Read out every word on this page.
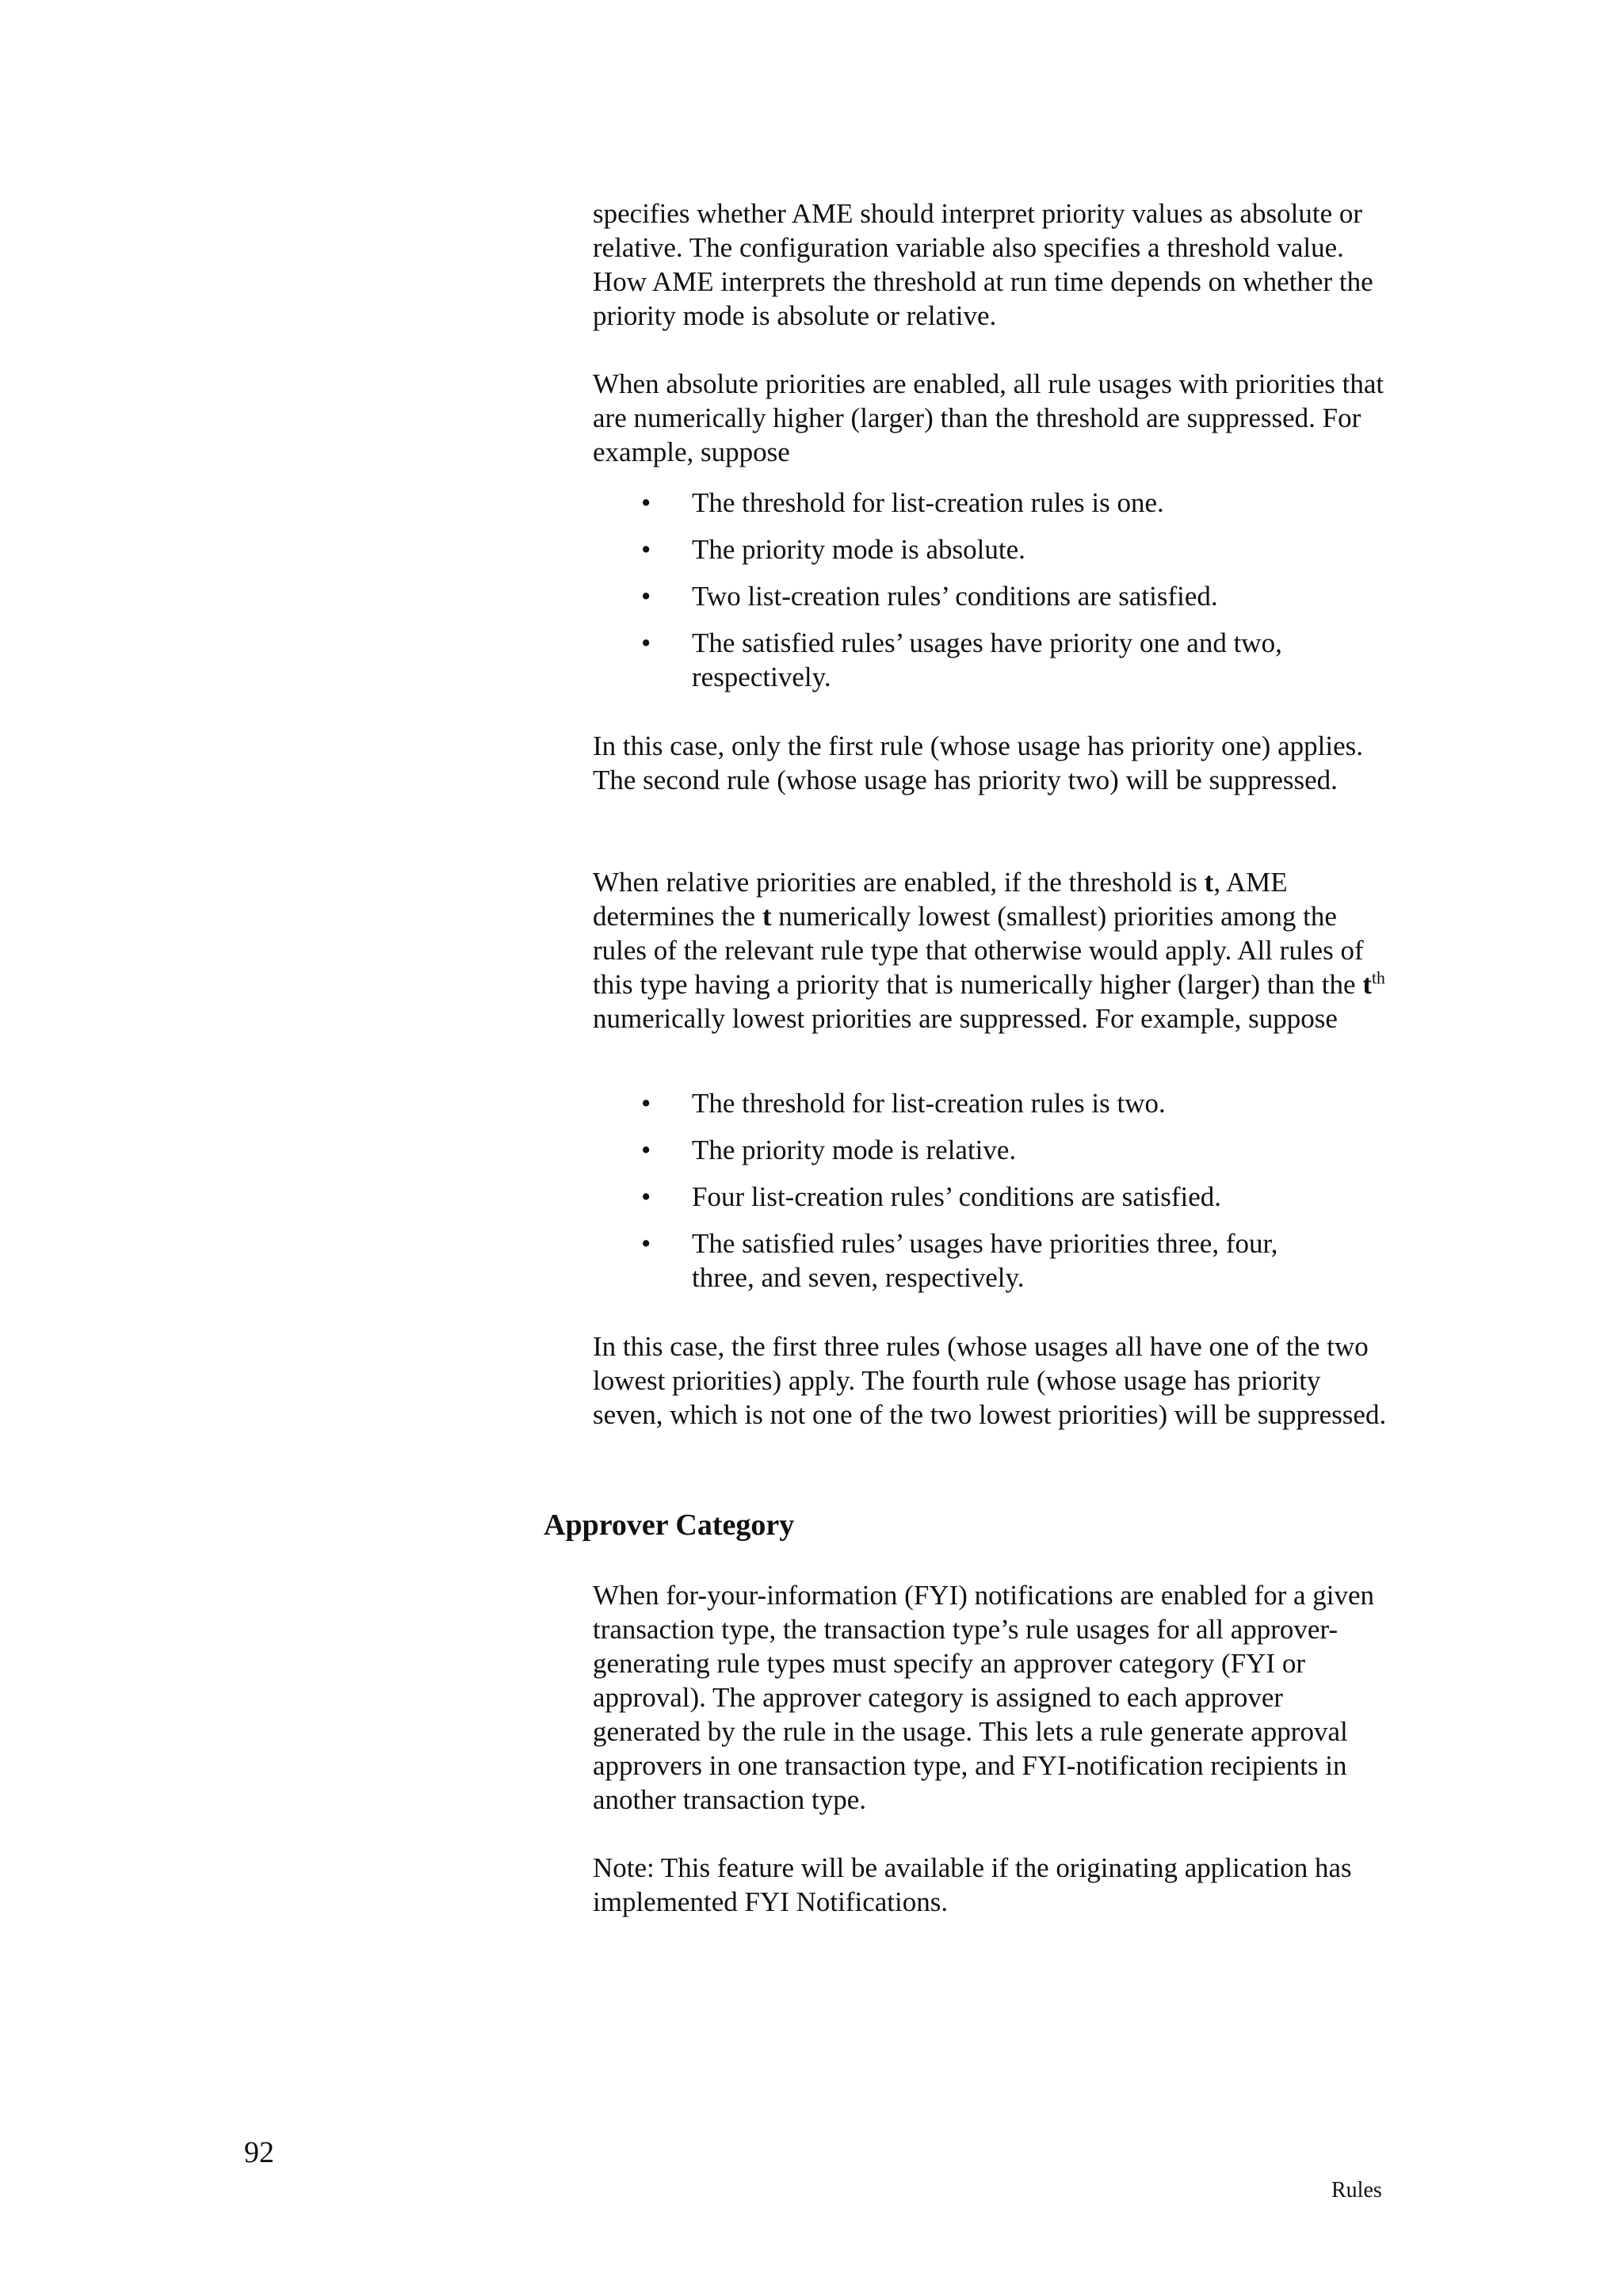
specifies whether AME should interpret priority values as absolute or relative. The configuration variable also specifies a threshold value. How AME interprets the threshold at run time depends on whether the priority mode is absolute or relative.

When absolute priorities are enabled, all rule usages with priorities that are numerically higher (larger) than the threshold are suppressed. For example, suppose

• The threshold for list-creation rules is one.
• The priority mode is absolute.
• Two list-creation rules’ conditions are satisfied.
• The satisfied rules’ usages have priority one and two, respectively.

In this case, only the first rule (whose usage has priority one) applies. The second rule (whose usage has priority two) will be suppressed.

When relative priorities are enabled, if the threshold is t, AME determines the t numerically lowest (smallest) priorities among the rules of the relevant rule type that otherwise would apply. All rules of this type having a priority that is numerically higher (larger) than the $t^{th}$ numerically lowest priorities are suppressed. For example, suppose

• The threshold for list-creation rules is two.
• The priority mode is relative.
• Four list-creation rules’ conditions are satisfied.
• The satisfied rules’ usages have priorities three, four, three, and seven, respectively.

In this case, the first three rules (whose usages all have one of the two lowest priorities) apply. The fourth rule (whose usage has priority seven, which is not one of the two lowest priorities) will be suppressed.

Approver Category

When for-your-information (FYI) notifications are enabled for a given transaction type, the transaction type’s rule usages for all approver-generating rule types must specify an approver category (FYI or approval). The approver category is assigned to each approver generated by the rule in the usage. This lets a rule generate approval approvers in one transaction type, and FYI-notification recipients in another transaction type.

Note: This feature will be available if the originating application has implemented FYI Notifications.

92
Rules
